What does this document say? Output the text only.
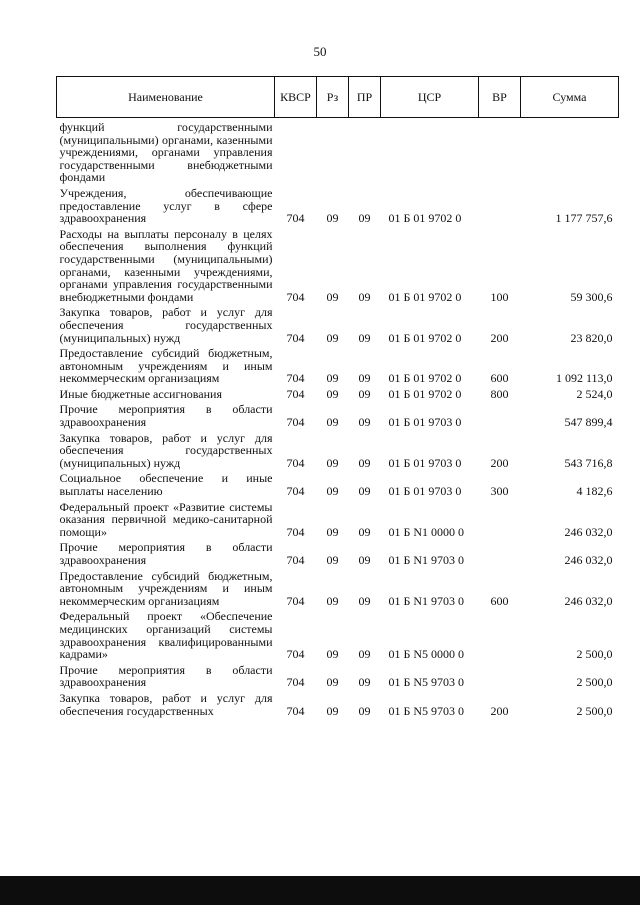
50
Наименование	КВСР	Рз	ПР	ЦСР	ВР	Сумма
функций государственными (муниципальными) органами, казенными учреждениями, органами управления государственными внебюджетными фондами						
Учреждения, обеспечивающие предоставление услуг в сфере здравоохранения	704	09	09	01 Б 01 9702 0		1 177 757,6
Расходы на выплаты персоналу в целях обеспечения выполнения функций государственными (муниципальными) органами, казенными учреждениями, органами управления государственными внебюджетными фондами	704	09	09	01 Б 01 9702 0	100	59 300,6
Закупка товаров, работ и услуг для обеспечения государственных (муниципальных) нужд	704	09	09	01 Б 01 9702 0	200	23 820,0
Предоставление субсидий бюджетным, автономным учреждениям и иным некоммерческим организациям	704	09	09	01 Б 01 9702 0	600	1 092 113,0
Иные бюджетные ассигнования	704	09	09	01 Б 01 9702 0	800	2 524,0
Прочие мероприятия в области здравоохранения	704	09	09	01 Б 01 9703 0		547 899,4
Закупка товаров, работ и услуг для обеспечения государственных (муниципальных) нужд	704	09	09	01 Б 01 9703 0	200	543 716,8
Социальное обеспечение и иные выплаты населению	704	09	09	01 Б 01 9703 0	300	4 182,6
Федеральный проект «Развитие системы оказания первичной медико-санитарной помощи»	704	09	09	01 Б N1 0000 0		246 032,0
Прочие мероприятия в области здравоохранения	704	09	09	01 Б N1 9703 0		246 032,0
Предоставление субсидий бюджетным, автономным учреждениям и иным некоммерческим организациям	704	09	09	01 Б N1 9703 0	600	246 032,0
Федеральный проект «Обеспечение медицинских организаций системы здравоохранения квалифицированными кадрами»	704	09	09	01 Б N5 0000 0		2 500,0
Прочие мероприятия в области здравоохранения	704	09	09	01 Б N5 9703 0		2 500,0
Закупка товаров, работ и услуг для обеспечения государственных	704	09	09	01 Б N5 9703 0	200	2 500,0
